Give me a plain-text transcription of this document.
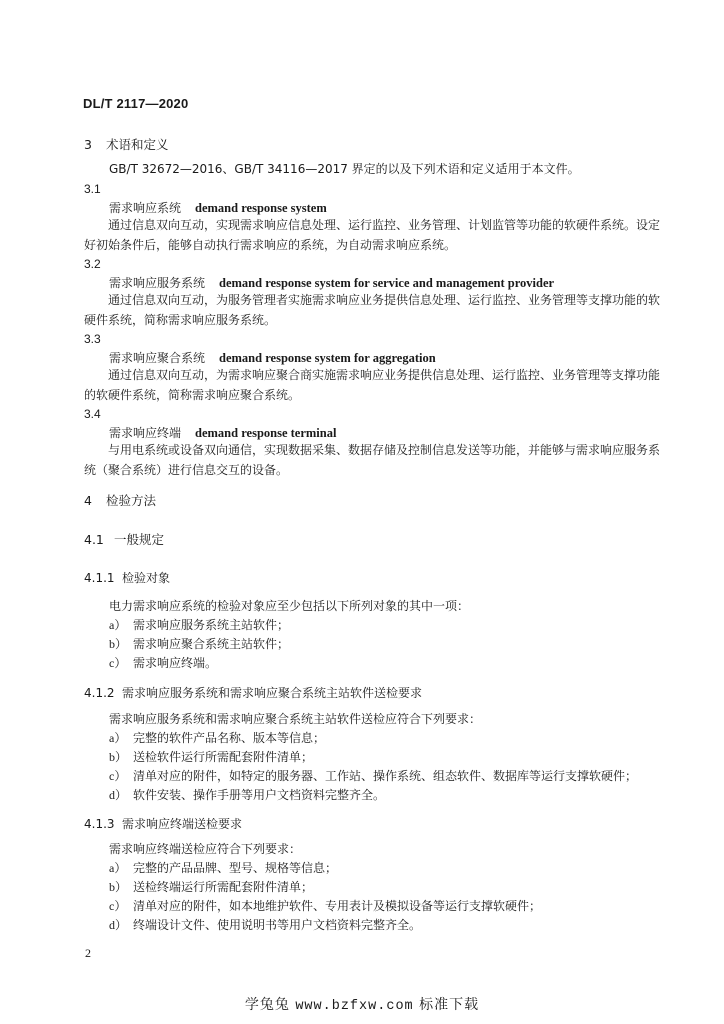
DL/T 2117—2020
3 术语和定义
GB/T 32672—2016、GB/T 34116—2017 界定的以及下列术语和定义适用于本文件。
3.1
需求响应系统 demand response system
通过信息双向互动，实现需求响应信息处理、运行监控、业务管理、计划监管等功能的软硬件系统。设定好初始条件后，能够自动执行需求响应的系统，为自动需求响应系统。
3.2
需求响应服务系统 demand response system for service and management provider
通过信息双向互动，为服务管理者实施需求响应业务提供信息处理、运行监控、业务管理等支撑功能的软硬件系统，简称需求响应服务系统。
3.3
需求响应聚合系统 demand response system for aggregation
通过信息双向互动，为需求响应聚合商实施需求响应业务提供信息处理、运行监控、业务管理等支撑功能的软硬件系统，简称需求响应聚合系统。
3.4
需求响应终端 demand response terminal
与用电系统或设备双向通信，实现数据采集、数据存储及控制信息发送等功能，并能够与需求响应服务系统（聚合系统）进行信息交互的设备。
4 检验方法
4.1 一般规定
4.1.1 检验对象
电力需求响应系统的检验对象应至少包括以下所列对象的其中一项：
a） 需求响应服务系统主站软件；
b） 需求响应聚合系统主站软件；
c） 需求响应终端。
4.1.2 需求响应服务系统和需求响应聚合系统主站软件送检要求
需求响应服务系统和需求响应聚合系统主站软件送检应符合下列要求：
a） 完整的软件产品名称、版本等信息；
b） 送检软件运行所需配套附件清单；
c） 清单对应的附件，如特定的服务器、工作站、操作系统、组态软件、数据库等运行支撑软硬件；
d） 软件安装、操作手册等用户文档资料完整齐全。
4.1.3 需求响应终端送检要求
需求响应终端送检应符合下列要求：
a） 完整的产品品牌、型号、规格等信息；
b） 送检终端运行所需配套附件清单；
c） 清单对应的附件，如本地维护软件、专用表计及模拟设备等运行支撑软硬件；
d） 终端设计文件、使用说明书等用户文档资料完整齐全。
2
学兔兔 www.bzfxw.com 标准下载
